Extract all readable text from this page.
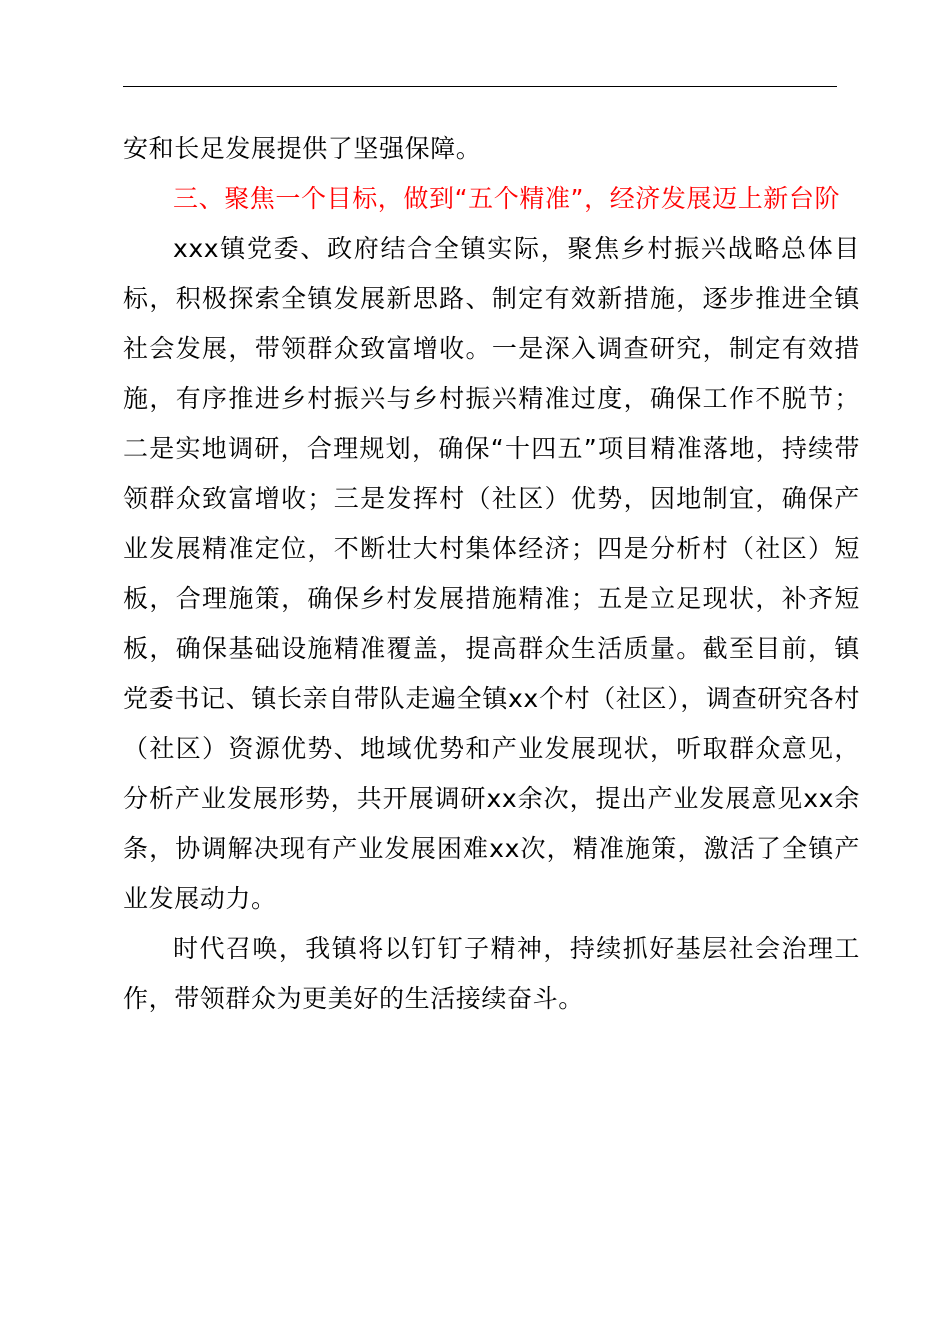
安和长足发展提供了坚强保障。

三、聚焦一个目标，做到“五个精准”，经济发展迈上新台阶

xxx镇党委、政府结合全镇实际，聚焦乡村振兴战略总体目标，积极探索全镇发展新思路、制定有效新措施，逐步推进全镇社会发展，带领群众致富增收。一是深入调查研究，制定有效措施，有序推进乡村振兴与乡村振兴精准过度，确保工作不脱节；二是实地调研，合理规划，确保“十四五”项目精准落地，持续带领群众致富增收；三是发挥村（社区）优势，因地制宜，确保产业发展精准定位，不断壮大村集体经济；四是分析村（社区）短板，合理施策，确保乡村发展措施精准；五是立足现状，补齐短板，确保基础设施精准覆盖，提高群众生活质量。截至目前，镇党委书记、镇长亲自带队走遍全镇xx个村（社区），调查研究各村（社区）资源优势、地域优势和产业发展现状，听取群众意见，分析产业发展形势，共开展调研xx余次，提出产业发展意见xx余条，协调解决现有产业发展困难xx次，精准施策，激活了全镇产业发展动力。

时代召唤，我镇将以钉钉子精神，持续抓好基层社会治理工作，带领群众为更美好的生活接续奋斗。
